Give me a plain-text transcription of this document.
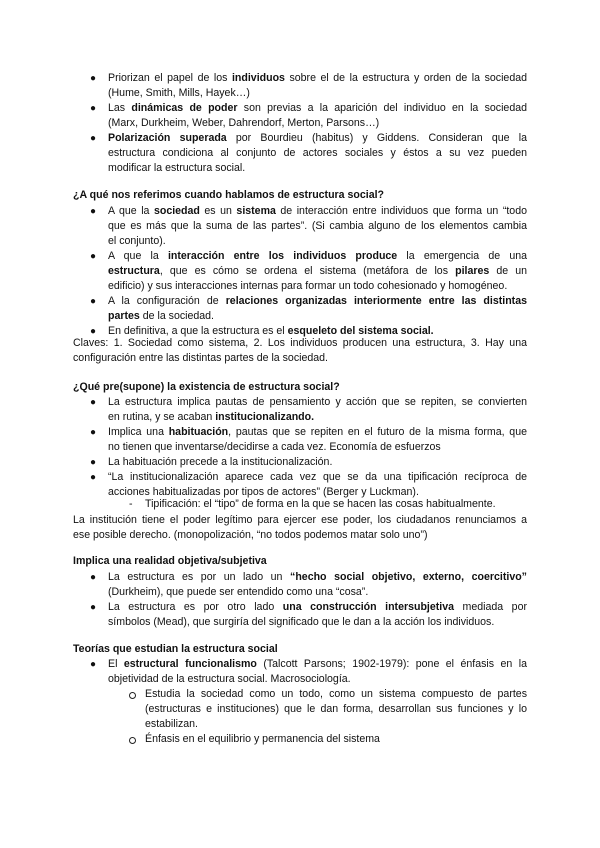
● Priorizan el papel de los individuos sobre el de la estructura y orden de la sociedad
(Hume, Smith, Mills, Hayek…)
● Las dinámicas de poder son previas a la aparición del individuo en la sociedad
(Marx, Durkheim, Weber, Dahrendorf, Merton, Parsons…)
● Polarización superada por Bourdieu (habitus) y Giddens. Consideran que la
estructura condiciona al conjunto de actores sociales y éstos a su vez pueden
modificar la estructura social.
¿A qué nos referimos cuando hablamos de estructura social?
● A que la sociedad es un sistema de interacción entre individuos que forma un “todo
que es más que la suma de las partes”. (Si cambia alguno de los elementos cambia
el conjunto).
● A que la interacción entre los individuos produce la emergencia de una
estructura, que es cómo se ordena el sistema (metáfora de los pilares de un
edificio) y sus interacciones internas para formar un todo cohesionado y homogéneo.
● A la configuración de relaciones organizadas interiormente entre las distintas
partes de la sociedad.
● En definitiva, a que la estructura es el esqueleto del sistema social.
Claves: 1. Sociedad como sistema, 2. Los individuos producen una estructura, 3. Hay una
configuración entre las distintas partes de la sociedad.
¿Qué pre(supone) la existencia de estructura social?
● La estructura implica pautas de pensamiento y acción que se repiten, se convierten
en rutina, y se acaban institucionalizando.
● Implica una habituación, pautas que se repiten en el futuro de la misma forma, que
no tienen que inventarse/decidirse a cada vez. Economía de esfuerzos
● La habituación precede a la institucionalización.
● “La institucionalización aparece cada vez que se da una tipificación recíproca de
acciones habitualizadas por tipos de actores” (Berger y Luckman).
- Tipificación: el “tipo” de forma en la que se hacen las cosas habitualmente.
La institución tiene el poder legítimo para ejercer ese poder, los ciudadanos renunciamos a
ese posible derecho. (monopolización, “no todos podemos matar solo uno”)
Implica una realidad objetiva/subjetiva
● La estructura es por un lado un “hecho social objetivo, externo, coercitivo”
(Durkheim), que puede ser entendido como una “cosa”.
● La estructura es por otro lado una construcción intersubjetiva mediada por
símbolos (Mead), que surgiría del significado que le dan a la acción los individuos.
Teorías que estudian la estructura social
● El estructural funcionalismo (Talcott Parsons; 1902-1979): pone el énfasis en la
objetividad de la estructura social. Macrosociología.
Estudia la sociedad como un todo, como un sistema compuesto de partes
(estructuras e instituciones) que le dan forma, desarrollan sus funciones y lo
estabilizan.
Énfasis en el equilibrio y permanencia del sistema
